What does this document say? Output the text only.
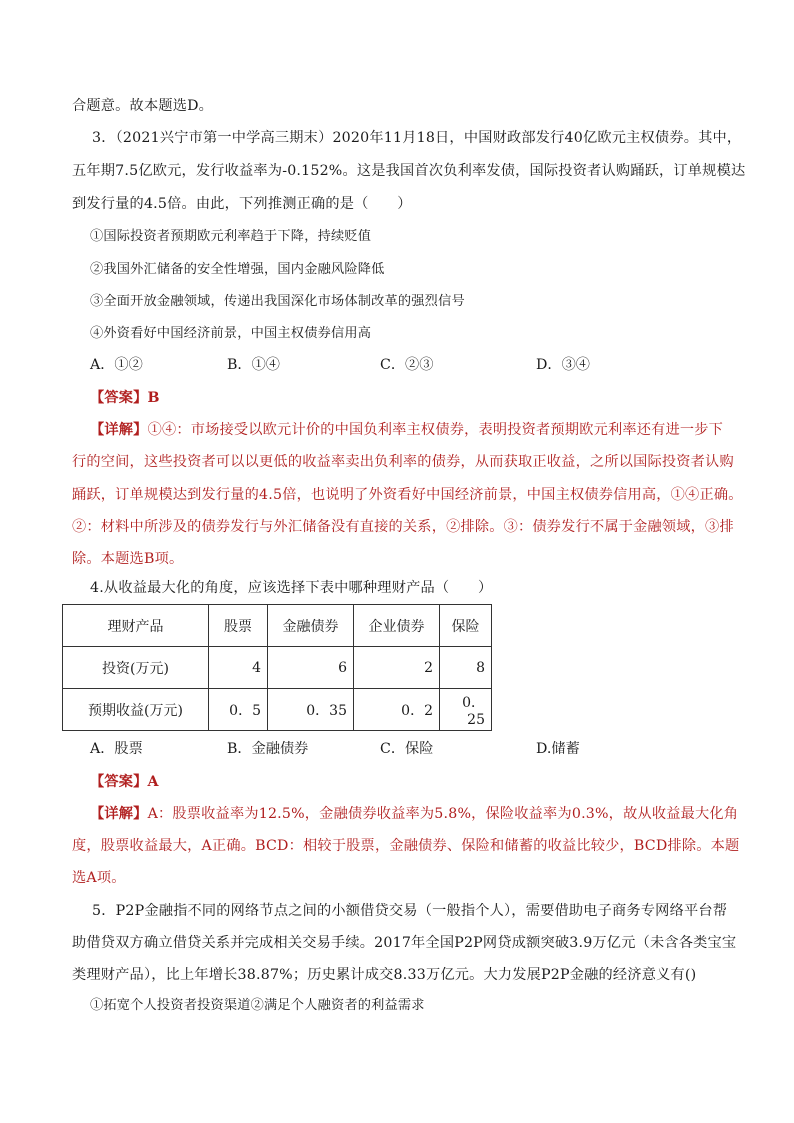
合题意。故本题选D。
3．（2021兴宁市第一中学高三期末）2020年11月18日，中国财政部发行40亿欧元主权债券。其中，
五年期7.5亿欧元，发行收益率为-0.152%。这是我国首次负利率发债，国际投资者认购踊跃，订单规模达
到发行量的4.5倍。由此，下列推测正确的是（　　）
①国际投资者预期欧元利率趋于下降，持续贬值
②我国外汇储备的安全性增强，国内金融风险降低
③全面开放金融领域，传递出我国深化市场体制改革的强烈信号
④外资看好中国经济前景，中国主权债券信用高
A．①②	B．①④	C．②③	D．③④
【答案】B
【详解】①④：市场接受以欧元计价的中国负利率主权债券，表明投资者预期欧元利率还有进一步下
行的空间，这些投资者可以以更低的收益率卖出负利率的债券，从而获取正收益，之所以国际投资者认购
踊跃，订单规模达到发行量的4.5倍，也说明了外资看好中国经济前景，中国主权债券信用高，①④正确。
②：材料中所涉及的债券发行与外汇储备没有直接的关系，②排除。③：债券发行不属于金融领域，③排
除。本题选B项。
4.从收益最大化的角度，应该选择下表中哪种理财产品（　　）
理财产品	股票	金融债券	企业债券	保险
投资(万元)	4	6	2	8
预期收益(万元)	0．5	0．35	0．2	0．25
A．股票	B．金融债券	C．保险	D.储蓄
【答案】A
【详解】A：股票收益率为12.5%，金融债券收益率为5.8%，保险收益率为0.3%，故从收益最大化角
度，股票收益最大，A正确。BCD：相较于股票，金融债券、保险和储蓄的收益比较少，BCD排除。本题
选A项。
5．P2P金融指不同的网络节点之间的小额借贷交易（一般指个人），需要借助电子商务专网络平台帮
助借贷双方确立借贷关系并完成相关交易手续。2017年全国P2P网贷成额突破3.9万亿元（未含各类宝宝
类理财产品），比上年增长38.87%；历史累计成交8.33万亿元。大力发展P2P金融的经济意义有()
①拓宽个人投资者投资渠道②满足个人融资者的利益需求
